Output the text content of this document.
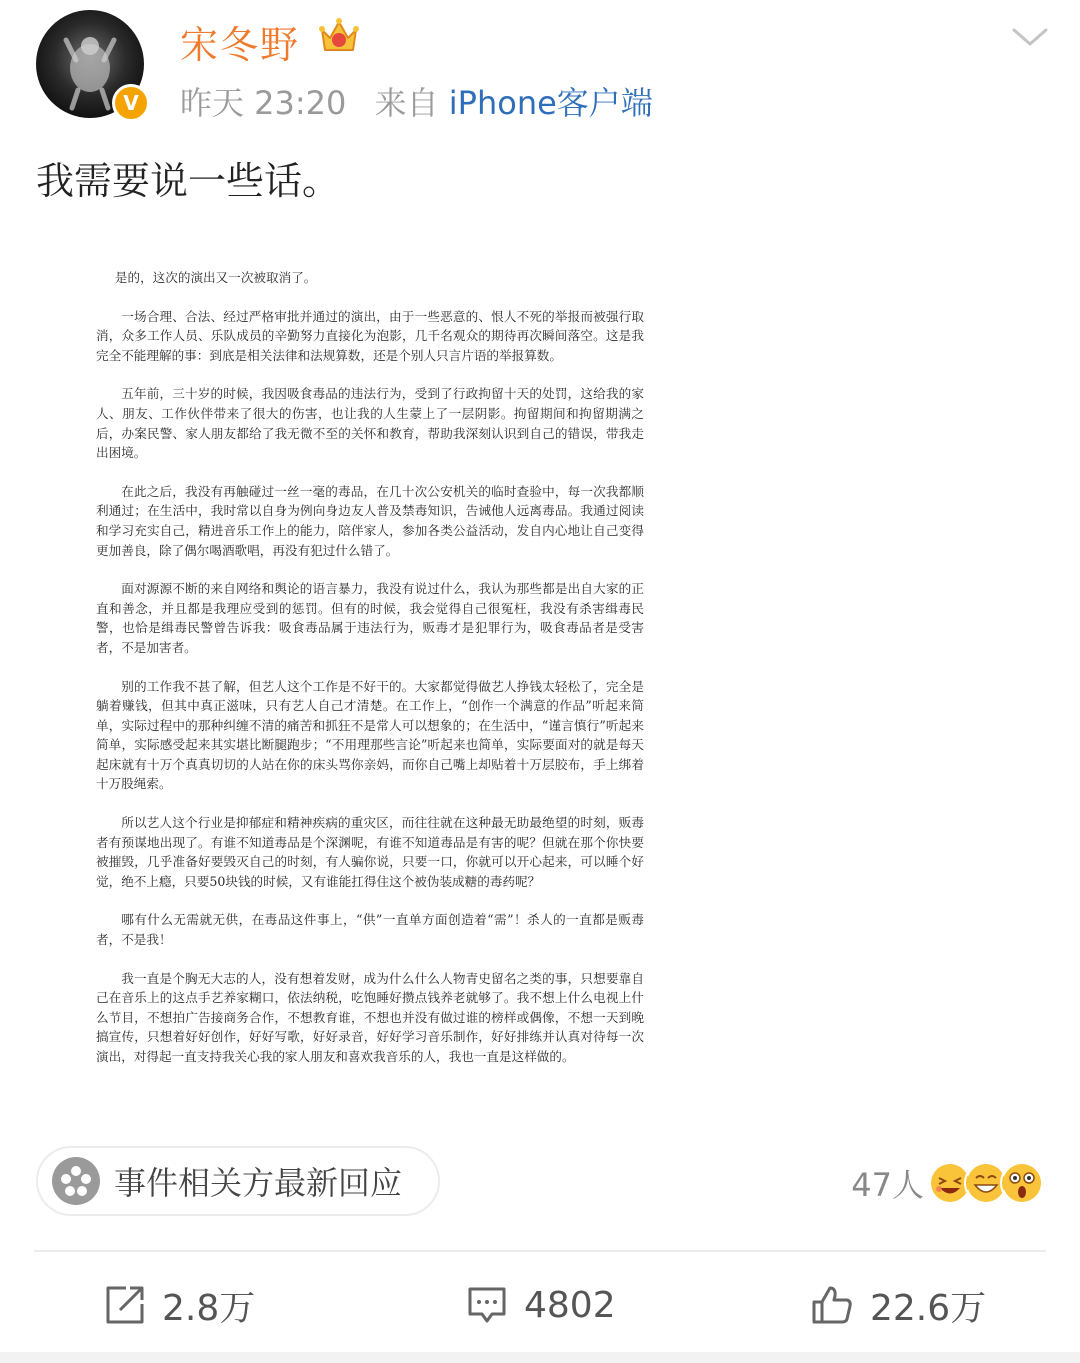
V
宋冬野
昨天 23:20 来自 iPhone客户端
我需要说一些话。

是的，这次的演出又一次被取消了。

一场合理、合法、经过严格审批并通过的演出，由于一些恶意的、恨人不死的举报而被强行取消，众多工作人员、乐队成员的辛勤努力直接化为泡影，几千名观众的期待再次瞬间落空。这是我完全不能理解的事：到底是相关法律和法规算数，还是个别人只言片语的举报算数。

五年前，三十岁的时候，我因吸食毒品的违法行为，受到了行政拘留十天的处罚，这给我的家人、朋友、工作伙伴带来了很大的伤害，也让我的人生蒙上了一层阴影。拘留期间和拘留期满之后，办案民警、家人朋友都给了我无微不至的关怀和教育，帮助我深刻认识到自己的错误，带我走出困境。

在此之后，我没有再触碰过一丝一毫的毒品，在几十次公安机关的临时查验中，每一次我都顺利通过；在生活中，我时常以自身为例向身边友人普及禁毒知识，告诫他人远离毒品。我通过阅读和学习充实自己，精进音乐工作上的能力，陪伴家人，参加各类公益活动，发自内心地让自己变得更加善良，除了偶尔喝酒歌唱，再没有犯过什么错了。

面对源源不断的来自网络和舆论的语言暴力，我没有说过什么，我认为那些都是出自大家的正直和善念，并且都是我理应受到的惩罚。但有的时候，我会觉得自己很冤枉，我没有杀害缉毒民警，也恰是缉毒民警曾告诉我：吸食毒品属于违法行为，贩毒才是犯罪行为，吸食毒品者是受害者，不是加害者。

别的工作我不甚了解，但艺人这个工作是不好干的。大家都觉得做艺人挣钱太轻松了，完全是躺着赚钱，但其中真正滋味，只有艺人自己才清楚。在工作上，“创作一个满意的作品”听起来简单，实际过程中的那种纠缠不清的痛苦和抓狂不是常人可以想象的；在生活中，“谨言慎行”听起来简单，实际感受起来其实堪比断腿跑步；“不用理那些言论”听起来也简单，实际要面对的就是每天起床就有十万个真真切切的人站在你的床头骂你亲妈，而你自己嘴上却贴着十万层胶布，手上绑着十万股绳索。

所以艺人这个行业是抑郁症和精神疾病的重灾区，而往往就在这种最无助最绝望的时刻，贩毒者有预谋地出现了。有谁不知道毒品是个深渊呢，有谁不知道毒品是有害的呢？但就在那个你快要被摧毁，几乎准备好要毁灭自己的时刻，有人骗你说，只要一口，你就可以开心起来，可以睡个好觉，绝不上瘾，只要50块钱的时候，又有谁能扛得住这个被伪装成糖的毒药呢？

哪有什么无需就无供，在毒品这件事上，“供”一直单方面创造着“需”！杀人的一直都是贩毒者，不是我！

我一直是个胸无大志的人，没有想着发财，成为什么什么人物青史留名之类的事，只想要靠自己在音乐上的这点手艺养家糊口，依法纳税，吃饱睡好攒点钱养老就够了。我不想上什么电视上什么节目，不想拍广告接商务合作，不想教育谁，不想也并没有做过谁的榜样或偶像，不想一天到晚搞宣传，只想着好好创作，好好写歌，好好录音，好好学习音乐制作，好好排练并认真对待每一次演出，对得起一直支持我关心我的家人朋友和喜欢我音乐的人，我也一直是这样做的。

事件相关方最新回应	47人
2.8万	4802	22.6万
